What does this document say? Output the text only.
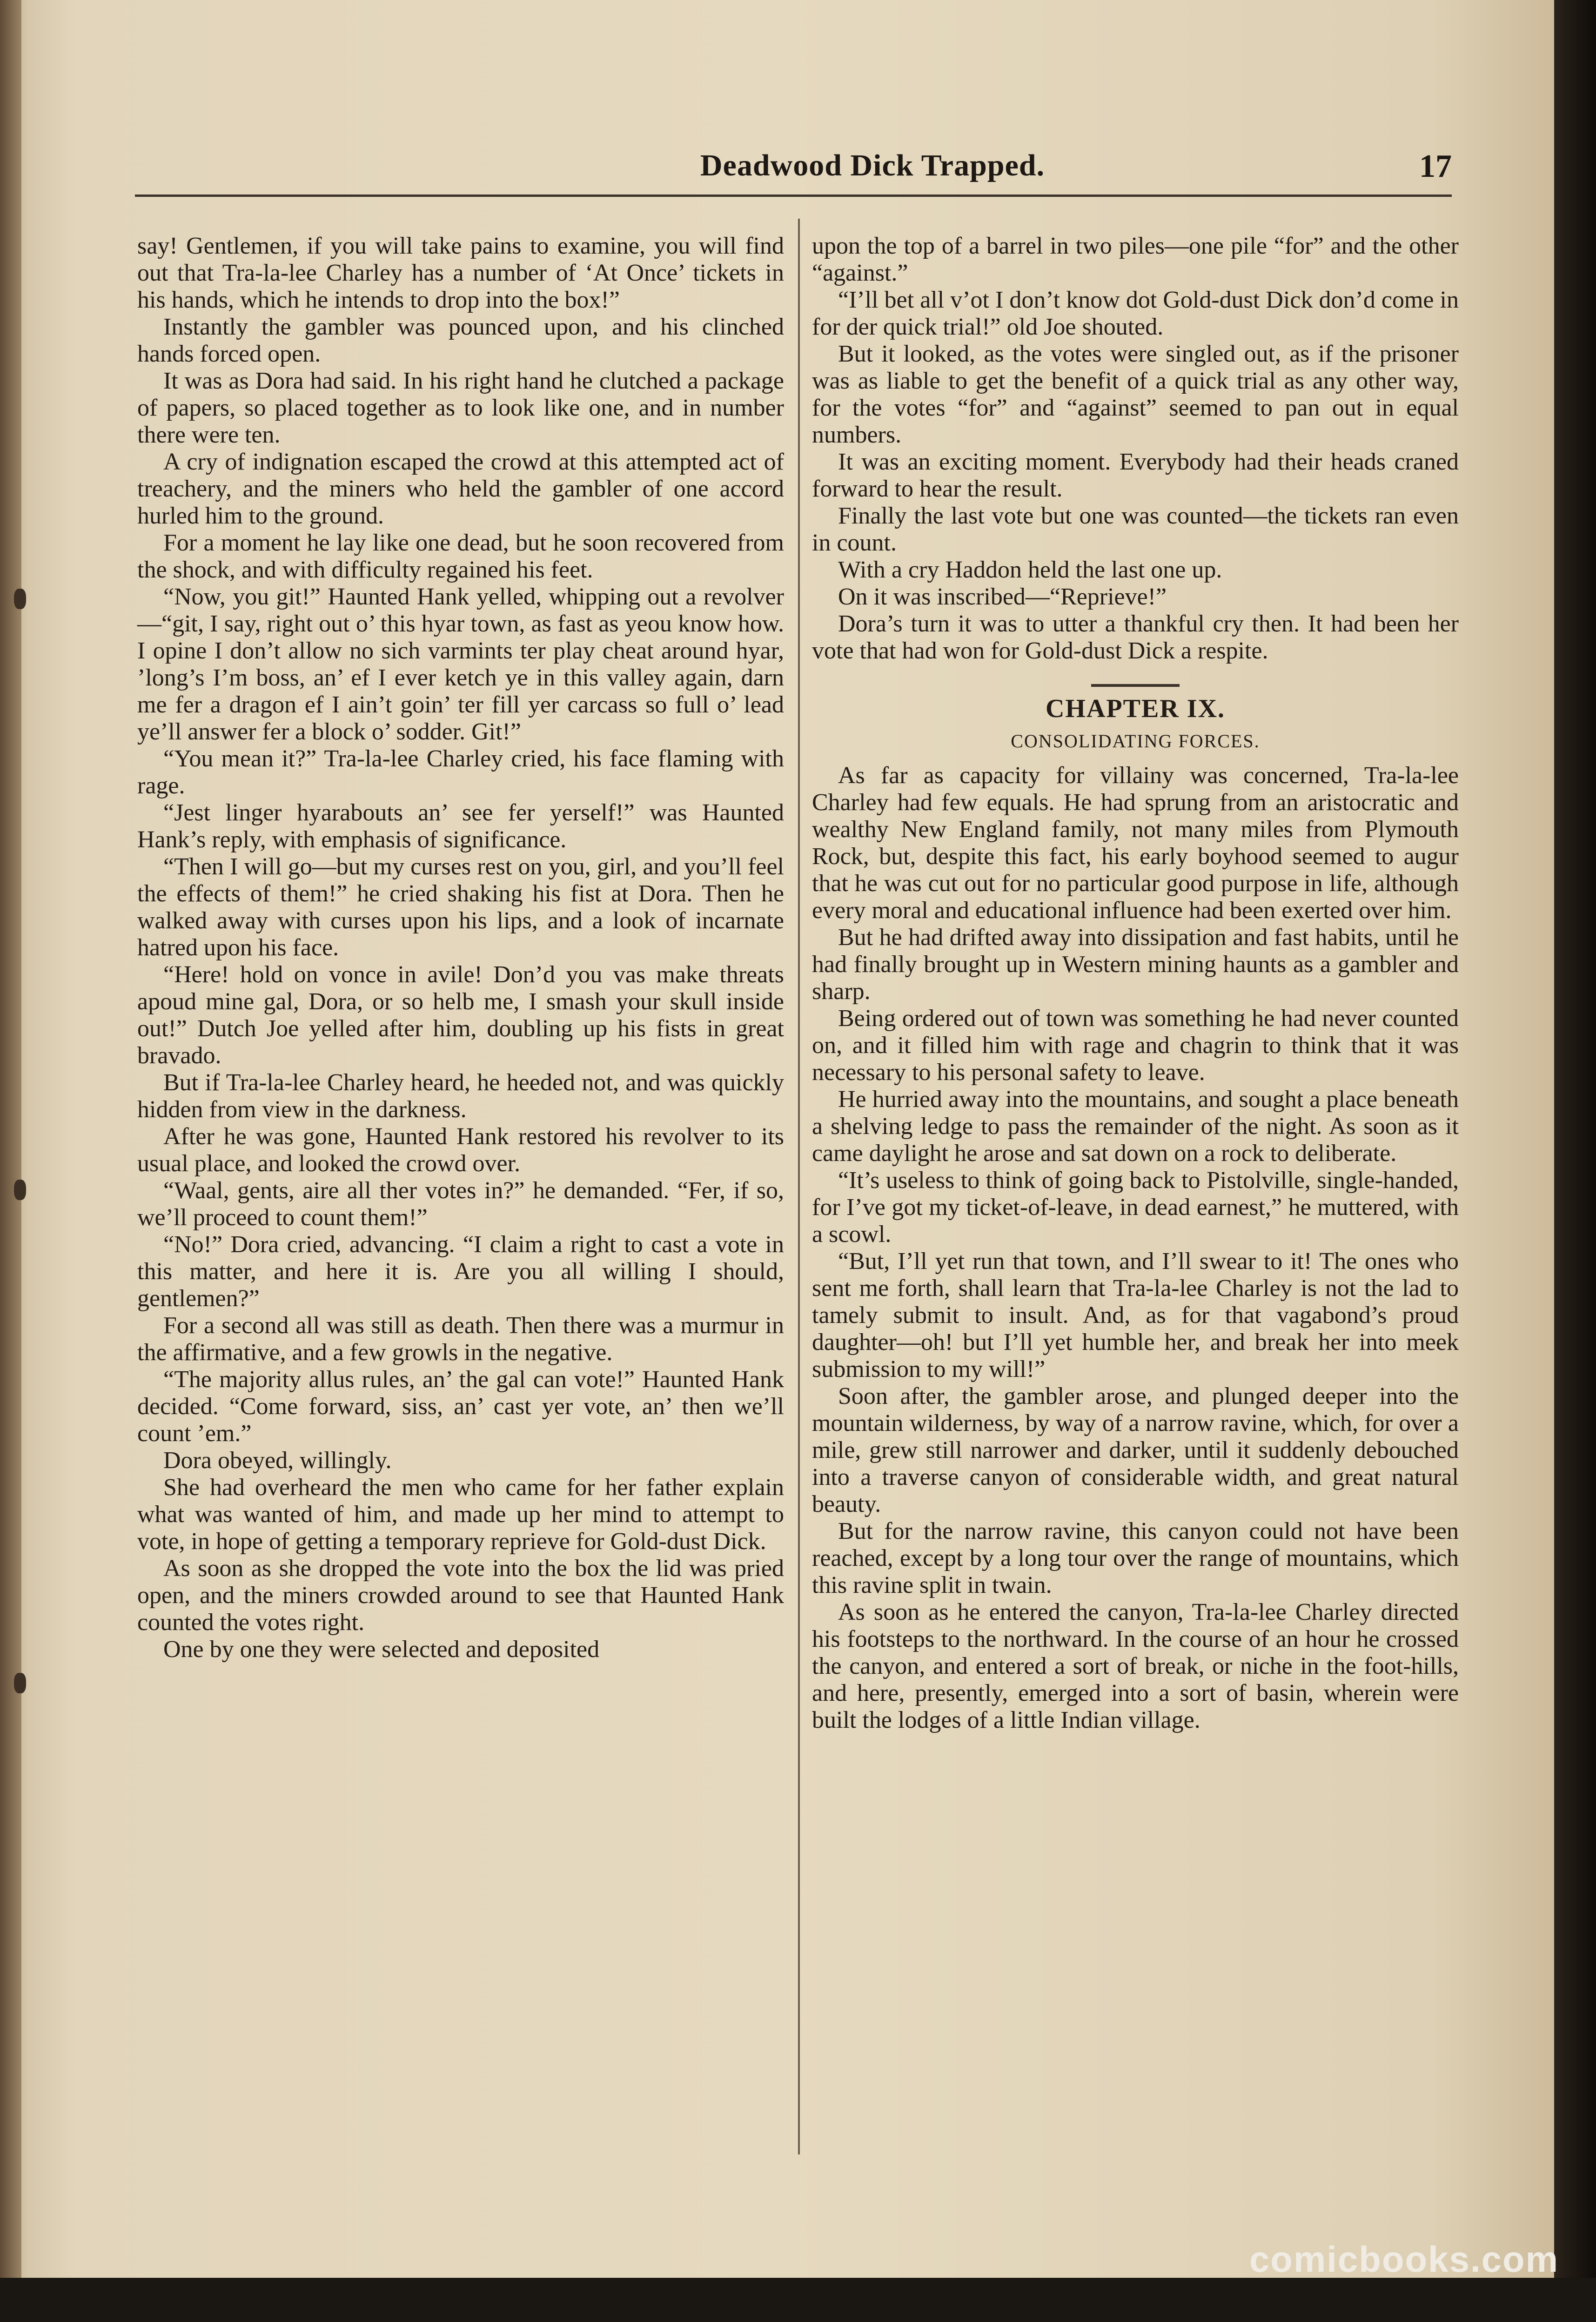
Deadwood Dick Trapped.	17

say! Gentlemen, if you will take pains to examine, you will find out that Tra-la-lee Charley has a number of ‘At Once’ tickets in his hands, which he intends to drop into the box!”

Instantly the gambler was pounced upon, and his clinched hands forced open.

It was as Dora had said. In his right hand he clutched a package of papers, so placed together as to look like one, and in number there were ten.

A cry of indignation escaped the crowd at this attempted act of treachery, and the miners who held the gambler of one accord hurled him to the ground.

For a moment he lay like one dead, but he soon recovered from the shock, and with difficulty regained his feet.

“Now, you git!” Haunted Hank yelled, whipping out a revolver—“git, I say, right out o’ this hyar town, as fast as yeou know how. I opine I don’t allow no sich varmints ter play cheat around hyar, ’long’s I’m boss, an’ ef I ever ketch ye in this valley again, darn me fer a dragon ef I ain’t goin’ ter fill yer carcass so full o’ lead ye’ll answer fer a block o’ sodder. Git!”

“You mean it?” Tra-la-lee Charley cried, his face flaming with rage.

“Jest linger hyarabouts an’ see fer yerself!” was Haunted Hank’s reply, with emphasis of significance.

“Then I will go—but my curses rest on you, girl, and you’ll feel the effects of them!” he cried shaking his fist at Dora. Then he walked away with curses upon his lips, and a look of incarnate hatred upon his face.

“Here! hold on vonce in avile! Don’d you vas make threats apoud mine gal, Dora, or so helb me, I smash your skull inside out!” Dutch Joe yelled after him, doubling up his fists in great bravado.

But if Tra-la-lee Charley heard, he heeded not, and was quickly hidden from view in the darkness.

After he was gone, Haunted Hank restored his revolver to its usual place, and looked the crowd over.

“Waal, gents, aire all ther votes in?” he demanded. “Fer, if so, we’ll proceed to count them!”

“No!” Dora cried, advancing. “I claim a right to cast a vote in this matter, and here it is. Are you all willing I should, gentlemen?”

For a second all was still as death. Then there was a murmur in the affirmative, and a few growls in the negative.

“The majority allus rules, an’ the gal can vote!” Haunted Hank decided. “Come forward, siss, an’ cast yer vote, an’ then we’ll count ’em.”

Dora obeyed, willingly.

She had overheard the men who came for her father explain what was wanted of him, and made up her mind to attempt to vote, in hope of getting a temporary reprieve for Gold-dust Dick.

As soon as she dropped the vote into the box the lid was pried open, and the miners crowded around to see that Haunted Hank counted the votes right.

One by one they were selected and deposited

upon the top of a barrel in two piles—one pile “for” and the other “against.”

“I’ll bet all v’ot I don’t know dot Gold-dust Dick don’d come in for der quick trial!” old Joe shouted.

But it looked, as the votes were singled out, as if the prisoner was as liable to get the benefit of a quick trial as any other way, for the votes “for” and “against” seemed to pan out in equal numbers.

It was an exciting moment. Everybody had their heads craned forward to hear the result.

Finally the last vote but one was counted—the tickets ran even in count.

With a cry Haddon held the last one up.

On it was inscribed—“Reprieve!”

Dora’s turn it was to utter a thankful cry then. It had been her vote that had won for Gold-dust Dick a respite.

CHAPTER IX.
CONSOLIDATING FORCES.

As far as capacity for villainy was concerned, Tra-la-lee Charley had few equals. He had sprung from an aristocratic and wealthy New England family, not many miles from Plymouth Rock, but, despite this fact, his early boyhood seemed to augur that he was cut out for no particular good purpose in life, although every moral and educational influence had been exerted over him.

But he had drifted away into dissipation and fast habits, until he had finally brought up in Western mining haunts as a gambler and sharp.

Being ordered out of town was something he had never counted on, and it filled him with rage and chagrin to think that it was necessary to his personal safety to leave.

He hurried away into the mountains, and sought a place beneath a shelving ledge to pass the remainder of the night. As soon as it came daylight he arose and sat down on a rock to deliberate.

“It’s useless to think of going back to Pistolville, single-handed, for I’ve got my ticket-of-leave, in dead earnest,” he muttered, with a scowl.

“But, I’ll yet run that town, and I’ll swear to it! The ones who sent me forth, shall learn that Tra-la-lee Charley is not the lad to tamely submit to insult. And, as for that vagabond’s proud daughter—oh! but I’ll yet humble her, and break her into meek submission to my will!”

Soon after, the gambler arose, and plunged deeper into the mountain wilderness, by way of a narrow ravine, which, for over a mile, grew still narrower and darker, until it suddenly debouched into a traverse canyon of considerable width, and great natural beauty.

But for the narrow ravine, this canyon could not have been reached, except by a long tour over the range of mountains, which this ravine split in twain.

As soon as he entered the canyon, Tra-la-lee Charley directed his footsteps to the northward. In the course of an hour he crossed the canyon, and entered a sort of break, or niche in the foot-hills, and here, presently, emerged into a sort of basin, wherein were built the lodges of a little Indian village.

comicbooks.com
